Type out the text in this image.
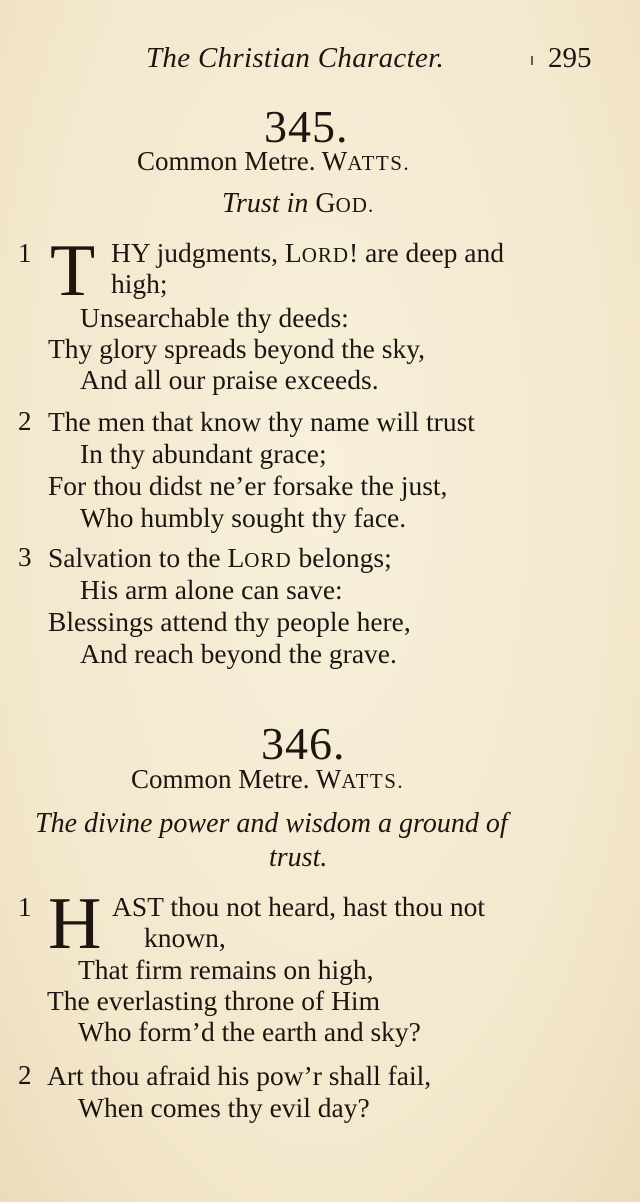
The Christian Character.	295
345.
Common Metre. WATTS.
Trust in GOD.
1 T HY judgments, LORD! are deep and
high;
Unsearchable thy deeds:
Thy glory spreads beyond the sky,
And all our praise exceeds.
2 The men that know thy name will trust
In thy abundant grace;
For thou didst ne’er forsake the just,
Who humbly sought thy face.
3 Salvation to the LORD belongs;
His arm alone can save:
Blessings attend thy people here,
And reach beyond the grave.
346.
Common Metre. WATTS.
The divine power and wisdom a ground of
trust.
1 H AST thou not heard, hast thou not
known,
That firm remains on high,
The everlasting throne of Him
Who form’d the earth and sky?
2 Art thou afraid his pow’r shall fail,
When comes thy evil day?
